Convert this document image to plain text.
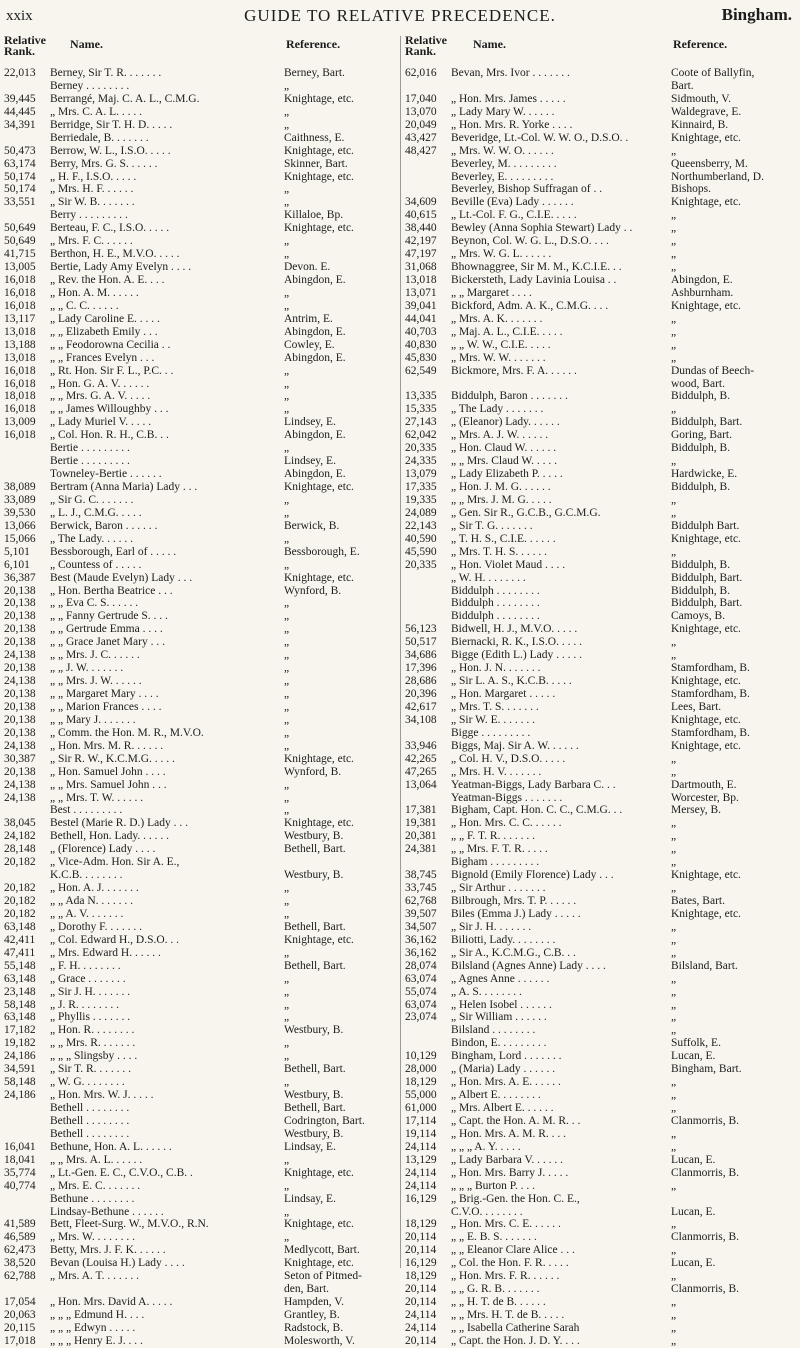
xxix	GUIDE TO RELATIVE PRECEDENCE.	Bingham.
Relative Rank.	Name.	Reference.
22,013	Berney, Sir T. R. . . . . . .	Berney, Bart.
Berney . . . . . . . .	„
39,445	Berrangé, Maj. C. A. L., C.M.G.	Knightage, etc.
44,445	„ Mrs. C. A. L. . . . .	„
34,391	Berridge, Sir T. H. D. . . . .	„
Berriedale, B. . . . . . .	Caithness, E.
50,473	Berrow, W. L., I.S.O. . . . .	Knightage, etc.
63,174	Berry, Mrs. G. S. . . . . .	Skinner, Bart.
50,174	„ H. F., I.S.O. . . . .	Knightage, etc.
50,174	„ Mrs. H. F. . . . . .	„
33,551	„ Sir W. B. . . . . . .	„
Berry . . . . . . . . .	Killaloe, Bp.
50,649	Berteau, F. C., I.S.O. . . . .	Knightage, etc.
50,649	„ Mrs. F. C. . . . . .	„
41,715	Berthon, H. E., M.V.O. . . . .	„
13,005	Bertie, Lady Amy Evelyn . . . .	Devon. E.
16,018	„ Rev. the Hon. A. E. . . .	Abingdon, E.
16,018	„ Hon. A. M. . . . . .	„
16,018	„ „ C. C. . . . . .	„
13,117	„ Lady Caroline E. . . . .	Antrim, E.
13,018	„ „ Elizabeth Emily . . .	Abingdon, E.
13,188	„ „ Feodorowna Cecilia . .	Cowley, E.
13,018	„ „ Frances Evelyn . . .	Abingdon, E.
16,018	„ Rt. Hon. Sir F. L., P.C. . .	„
16,018	„ Hon. G. A. V. . . . . .	„
18,018	„ „ Mrs. G. A. V. . . . .	„
16,018	„ „ James Willoughby . . .	„
13,009	„ Lady Muriel V. . . . .	Lindsey, E.
16,018	„ Col. Hon. R. H., C.B. . .	Abingdon, E.
Bertie . . . . . . . . .	„
Bertie . . . . . . . . .	Lindsey, E.
Towneley-Bertie . . . . . .	Abingdon, E.
38,089	Bertram (Anna Maria) Lady . . .	Knightage, etc.
33,089	„ Sir G. C. . . . . . .	„
39,530	„ L. J., C.M.G. . . . .	„
13,066	Berwick, Baron . . . . . .	Berwick, B.
15,066	„ The Lady. . . . . .	„
5,101	Bessborough, Earl of . . . . .	Bessborough, E.
6,101	„ Countess of . . . . .	„
36,387	Best (Maude Evelyn) Lady . . .	Knightage, etc.
20,138	„ Hon. Bertha Beatrice . . .	Wynford, B.
20,138	„ „ Eva C. S. . . . . .	„
20,138	„ „ Fanny Gertrude S. . . .	„
20,138	„ „ Gertrude Emma . . . .	„
20,138	„ „ Grace Janet Mary . . .	„
24,138	„ „ Mrs. J. C. . . . . .	„
20,138	„ „ J. W. . . . . . .	„
24,138	„ „ Mrs. J. W. . . . . .	„
20,138	„ „ Margaret Mary . . . .	„
20,138	„ „ Marion Frances . . . .	„
20,138	„ „ Mary J. . . . . . .	„
20,138	„ Comm. the Hon. M. R., M.V.O.	„
24,138	„ Hon. Mrs. M. R. . . . . .	„
30,387	„ Sir R. W., K.C.M.G. . . . .	Knightage, etc.
20,138	„ Hon. Samuel John . . . .	Wynford, B.
24,138	„ „ Mrs. Samuel John . . .	„
24,138	„ „ Mrs. T. W. . . . . .	„
Best . . . . . . . . .	„
38,045	Bestel (Marie R. D.) Lady . . .	Knightage, etc.
24,182	Bethell, Hon. Lady. . . . . .	Westbury, B.
28,148	„ (Florence) Lady . . . .	Bethell, Bart.
20,182	„ Vice-Adm. Hon. Sir A. E.,
K.C.B. . . . . . . .	Westbury, B.
20,182	„ Hon. A. J. . . . . . .	„
20,182	„ „ Ada N. . . . . . .	„
20,182	„ „ A. V. . . . . . .	„
63,148	„ Dorothy F. . . . . . .	Bethell, Bart.
42,411	„ Col. Edward H., D.S.O. . .	Knightage, etc.
47,411	„ Mrs. Edward H. . . . . .	„
55,148	„ F. H. . . . . . . .	Bethell, Bart.
63,148	„ Grace . . . . . . .	„
23,148	„ Sir J. H. . . . . . .	„
58,148	„ J. R. . . . . . . .	„
63,148	„ Phyllis . . . . . . .	„
17,182	„ Hon. R. . . . . . . .	Westbury, B.
19,182	„ „ Mrs. R. . . . . . .	„
24,186	„ „ „ Slingsby . . . .	„
34,591	„ Sir T. R. . . . . . .	Bethell, Bart.
58,148	„ W. G. . . . . . . .	„
24,186	„ Hon. Mrs. W. J. . . . .	Westbury, B.
Bethell . . . . . . . .	Bethell, Bart.
Bethell . . . . . . . .	Codrington, Bart.
Bethell . . . . . . . .	Westbury, B.
16,041	Bethune, Hon. A. L. . . . . .	Lindsay, E.
18,041	„ „ Mrs. A. L. . . . . .	„
35,774	„ Lt.-Gen. E. C., C.V.O., C.B. .	Knightage, etc.
40,774	„ Mrs. E. C. . . . . . .	„
Bethune . . . . . . . .	Lindsay, E.
Lindsay-Bethune . . . . . .	„
41,589	Bett, Fleet-Surg. W., M.V.O., R.N.	Knightage, etc.
46,589	„ Mrs. W. . . . . . . .	„
62,473	Betty, Mrs. J. F. K. . . . . .	Medlycott, Bart.
38,520	Bevan (Louisa H.) Lady . . . .	Knightage, etc.
62,788	„ Mrs. A. T. . . . . . .	Seton of Pitmed-
den, Bart.
17,054	„ Hon. Mrs. David A. . . . .	Hampden, V.
20,063	„ „ „ Edmund H. . . .	Grantley, B.
20,115	„ „ „ Edwyn . . . . .	Radstock, B.
17,018	„ „ „ Henry E. J. . . .	Molesworth, V.
Relative Rank.	Name.	Reference.
62,016	Bevan, Mrs. Ivor . . . . . . .	Coote of Ballyfin,
Bart.
17,040	„ Hon. Mrs. James . . . . .	Sidmouth, V.
13,070	„ Lady Mary W. . . . . .	Waldegrave, E.
20,049	„ Hon. Mrs. R. Yorke . . . .	Kinnaird, B.
43,427	Beveridge, Lt.-Col. W. W. O., D.S.O. .	Knightage, etc.
48,427	„ Mrs. W. W. O. . . . . .	„
Beverley, M. . . . . . . . .	Queensberry, M.
Beverley, E. . . . . . . . .	Northumberland, D.
Beverley, Bishop Suffragan of . .	Bishops.
34,609	Beville (Eva) Lady . . . . . .	Knightage, etc.
40,615	„ Lt.-Col. F. G., C.I.E. . . . .	„
38,440	Bewley (Anna Sophia Stewart) Lady . .	„
42,197	Beynon, Col. W. G. L., D.S.O. . . .	„
47,197	„ Mrs. W. G. L. . . . . .	„
31,068	Bhownaggree, Sir M. M., K.C.I.E. . .	„
13,018	Bickersteth, Lady Lavinia Louisa . .	Abingdon, E.
13,071	„ „ Margaret . . . .	Ashburnham.
39,041	Bickford, Adm. A. K., C.M.G. . . .	Knightage, etc.
44,041	„ Mrs. A. K. . . . . . .	„
40,703	„ Maj. A. L., C.I.E. . . . .	„
40,830	„ „ W. W., C.I.E. . . . .	„
45,830	„ Mrs. W. W. . . . . . .	„
62,549	Bickmore, Mrs. F. A. . . . . .	Dundas of Beech-
wood, Bart.
13,335	Biddulph, Baron . . . . . . .	Biddulph, B.
15,335	„ The Lady . . . . . . .	„
27,143	„ (Eleanor) Lady. . . . . .	Biddulph, Bart.
62,042	„ Mrs. A. J. W. . . . . .	Goring, Bart.
20,335	„ Hon. Claud W. . . . . .	Biddulph, B.
24,335	„ „ Mrs. Claud W. . . . .	„
13,079	„ Lady Elizabeth P. . . . .	Hardwicke, E.
17,335	„ Hon. J. M. G. . . . . .	Biddulph, B.
19,335	„ „ Mrs. J. M. G. . . . .	„
24,089	„ Gen. Sir R., G.C.B., G.C.M.G.	„
22,143	„ Sir T. G. . . . . . .	Biddulph Bart.
40,590	„ T. H. S., C.I.E. . . . . .	Knightage, etc.
45,590	„ Mrs. T. H. S. . . . . .	„
20,335	„ Hon. Violet Maud . . . .	Biddulph, B.
„ W. H. . . . . . . .	Biddulph, Bart.
Biddulph . . . . . . . .	Biddulph, B.
Biddulph . . . . . . . .	Biddulph, Bart.
Biddulph . . . . . . . .	Camoys, B.
56,123	Bidwell, H. J., M.V.O. . . . .	Knightage, etc.
50,517	Biernacki, R. K., I.S.O. . . . .	„
34,686	Bigge (Edith L.) Lady . . . . .	„
17,396	„ Hon. J. N. . . . . . .	Stamfordham, B.
28,686	„ Sir L. A. S., K.C.B. . . . .	Knightage, etc.
20,396	„ Hon. Margaret . . . . .	Stamfordham, B.
42,617	„ Mrs. T. S. . . . . . .	Lees, Bart.
34,108	„ Sir W. E. . . . . . .	Knightage, etc.
Bigge . . . . . . . . .	Stamfordham, B.
33,946	Biggs, Maj. Sir A. W. . . . . .	Knightage, etc.
42,265	„ Col. H. V., D.S.O. . . . .	„
47,265	„ Mrs. H. V. . . . . . .	„
13,064	Yeatman-Biggs, Lady Barbara C. . .	Dartmouth, E.
Yeatman-Biggs . . . . . . .	Worcester, Bp.
17,381	Bigham, Capt. Hon. C. C., C.M.G. . .	Mersey, B.
19,381	„ Hon. Mrs. C. C. . . . . .	„
20,381	„ „ F. T. R. . . . . . .	„
24,381	„ „ Mrs. F. T. R. . . . .	„
Bigham . . . . . . . . .	„
38,745	Bignold (Emily Florence) Lady . . .	Knightage, etc.
33,745	„ Sir Arthur . . . . . . .	„
62,768	Bilbrough, Mrs. T. P. . . . . .	Bates, Bart.
39,507	Biles (Emma J.) Lady . . . . .	Knightage, etc.
34,507	„ Sir J. H. . . . . . .	„
36,162	Biliotti, Lady. . . . . . . .	„
36,162	„ Sir A., K.C.M.G., C.B. . .	„
28,074	Bilsland (Agnes Anne) Lady . . . .	Bilsland, Bart.
63,074	„ Agnes Anne . . . . . .	„
55,074	„ A. S. . . . . . . .	„
63,074	„ Helen Isobel . . . . . .	„
23,074	„ Sir William . . . . . .	„
Bilsland . . . . . . . .	„
Bindon, E. . . . . . . . .	Suffolk, E.
10,129	Bingham, Lord . . . . . . .	Lucan, E.
28,000	„ (Maria) Lady . . . . . .	Bingham, Bart.
18,129	„ Hon. Mrs. A. E. . . . . .	„
55,000	„ Albert E. . . . . . . .	„
61,000	„ Mrs. Albert E. . . . . .	„
17,114	„ Capt. the Hon. A. M. R. . .	Clanmorris, B.
19,114	„ Hon. Mrs. A. M. R. . . .	„
24,114	„ „ „ A. Y. . . . .	„
13,129	„ Lady Barbara V. . . . . .	Lucan, E.
24,114	„ Hon. Mrs. Barry J. . . . .	Clanmorris, B.
24,114	„ „ „ Burton P. . . .	„
16,129	„ Brig.-Gen. the Hon. C. E.,
C.V.O. . . . . . . .	Lucan, E.
18,129	„ Hon. Mrs. C. E. . . . . .	„
20,114	„ „ E. B. S. . . . . . .	Clanmorris, B.
20,114	„ „ Eleanor Clare Alice . . .	„
16,129	„ Col. the Hon. F. R. . . . .	Lucan, E.
18,129	„ Hon. Mrs. F. R. . . . . .	„
20,114	„ „ G. R. B. . . . . . .	Clanmorris, B.
20,114	„ „ H. T. de B. . . . . .	„
24,114	„ „ Mrs. H. T. de B. . . . .	„
24,114	„ „ Isabella Catherine Sarah	„
20,114	„ Capt. the Hon. J. D. Y. . . .	„
